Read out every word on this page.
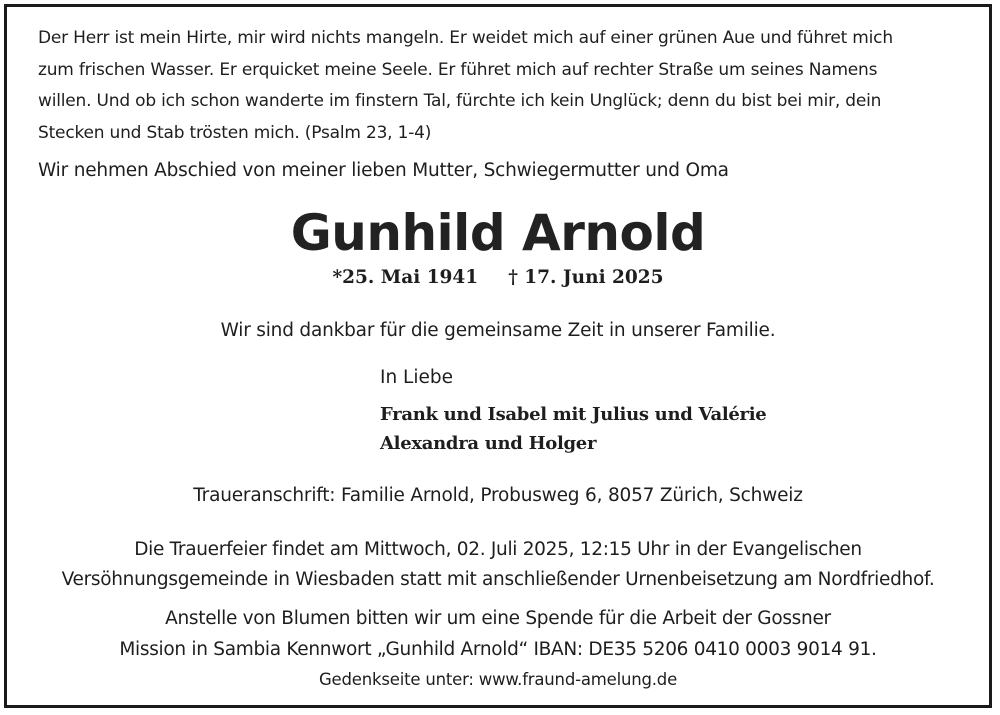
Der Herr ist mein Hirte, mir wird nichts mangeln. Er weidet mich auf einer grünen Aue und führet mich
zum frischen Wasser. Er erquicket meine Seele. Er führet mich auf rechter Straße um seines Namens
willen. Und ob ich schon wanderte im finstern Tal, fürchte ich kein Unglück; denn du bist bei mir, dein
Stecken und Stab trösten mich. (Psalm 23, 1-4)
Wir nehmen Abschied von meiner lieben Mutter, Schwiegermutter und Oma
Gunhild Arnold
*25. Mai 1941 † 17. Juni 2025
Wir sind dankbar für die gemeinsame Zeit in unserer Familie.
In Liebe
Frank und Isabel mit Julius und Valérie
Alexandra und Holger
Traueranschrift: Familie Arnold, Probusweg 6, 8057 Zürich, Schweiz
Die Trauerfeier findet am Mittwoch, 02. Juli 2025, 12:15 Uhr in der Evangelischen
Versöhnungsgemeinde in Wiesbaden statt mit anschließender Urnenbeisetzung am Nordfriedhof.
Anstelle von Blumen bitten wir um eine Spende für die Arbeit der Gossner
Mission in Sambia Kennwort „Gunhild Arnold“ IBAN: DE35 5206 0410 0003 9014 91.
Gedenkseite unter: www.fraund-amelung.de
